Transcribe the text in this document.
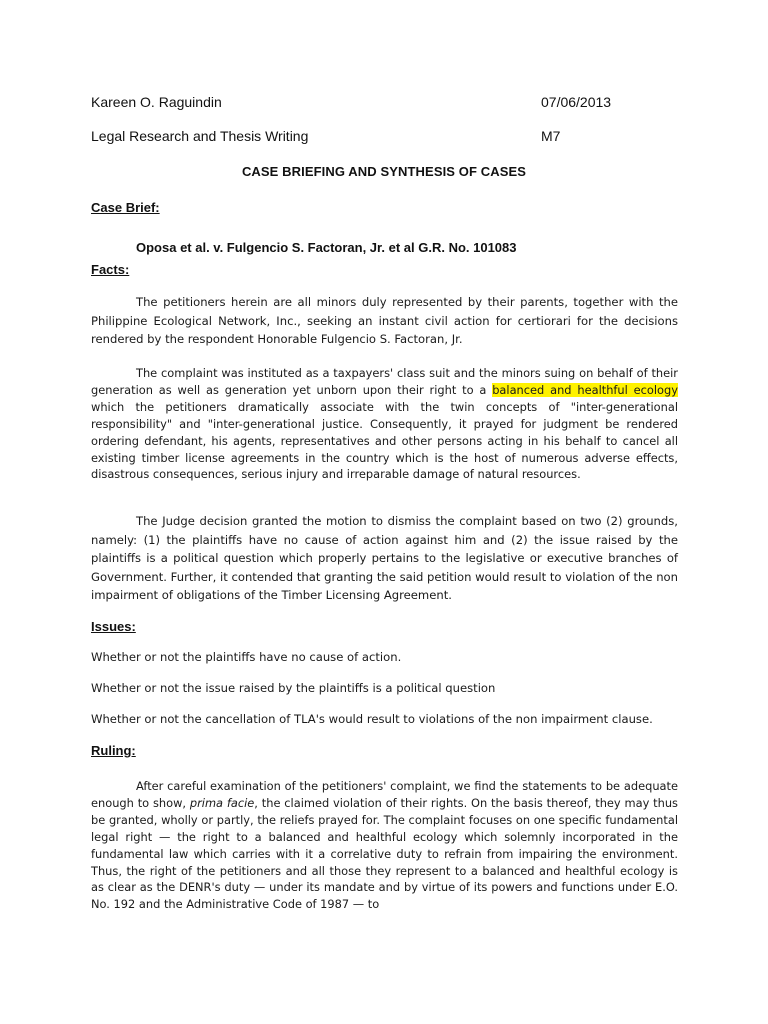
Kareen O. Raguindin	07/06/2013
Legal Research and Thesis Writing	M7
CASE BRIEFING AND SYNTHESIS OF CASES
Case Brief:
Oposa et al. v. Fulgencio S. Factoran, Jr. et al G.R. No. 101083
Facts:

The petitioners herein are all minors duly represented by their parents, together with the Philippine Ecological Network, Inc., seeking an instant civil action for certiorari for the decisions rendered by the respondent Honorable Fulgencio S. Factoran, Jr.

The complaint was instituted as a taxpayers' class suit and the minors suing on behalf of their generation as well as generation yet unborn upon their right to a balanced and healthful ecology which the petitioners dramatically associate with the twin concepts of "inter-generational responsibility" and "inter-generational justice. Consequently, it prayed for judgment be rendered ordering defendant, his agents, representatives and other persons acting in his behalf to cancel all existing timber license agreements in the country which is the host of numerous adverse effects, disastrous consequences, serious injury and irreparable damage of natural resources.

The Judge decision granted the motion to dismiss the complaint based on two (2) grounds, namely: (1) the plaintiffs have no cause of action against him and (2) the issue raised by the plaintiffs is a political question which properly pertains to the legislative or executive branches of Government. Further, it contended that granting the said petition would result to violation of the non impairment of obligations of the Timber Licensing Agreement.

Issues:
Whether or not the plaintiffs have no cause of action.
Whether or not the issue raised by the plaintiffs is a political question
Whether or not the cancellation of TLA's would result to violations of the non impairment clause.
Ruling:

After careful examination of the petitioners' complaint, we find the statements to be adequate enough to show, prima facie, the claimed violation of their rights. On the basis thereof, they may thus be granted, wholly or partly, the reliefs prayed for. The complaint focuses on one specific fundamental legal right — the right to a balanced and healthful ecology which solemnly incorporated in the fundamental law which carries with it a correlative duty to refrain from impairing the environment. Thus, the right of the petitioners and all those they represent to a balanced and healthful ecology is as clear as the DENR's duty — under its mandate and by virtue of its powers and functions under E.O. No. 192 and the Administrative Code of 1987 — to
